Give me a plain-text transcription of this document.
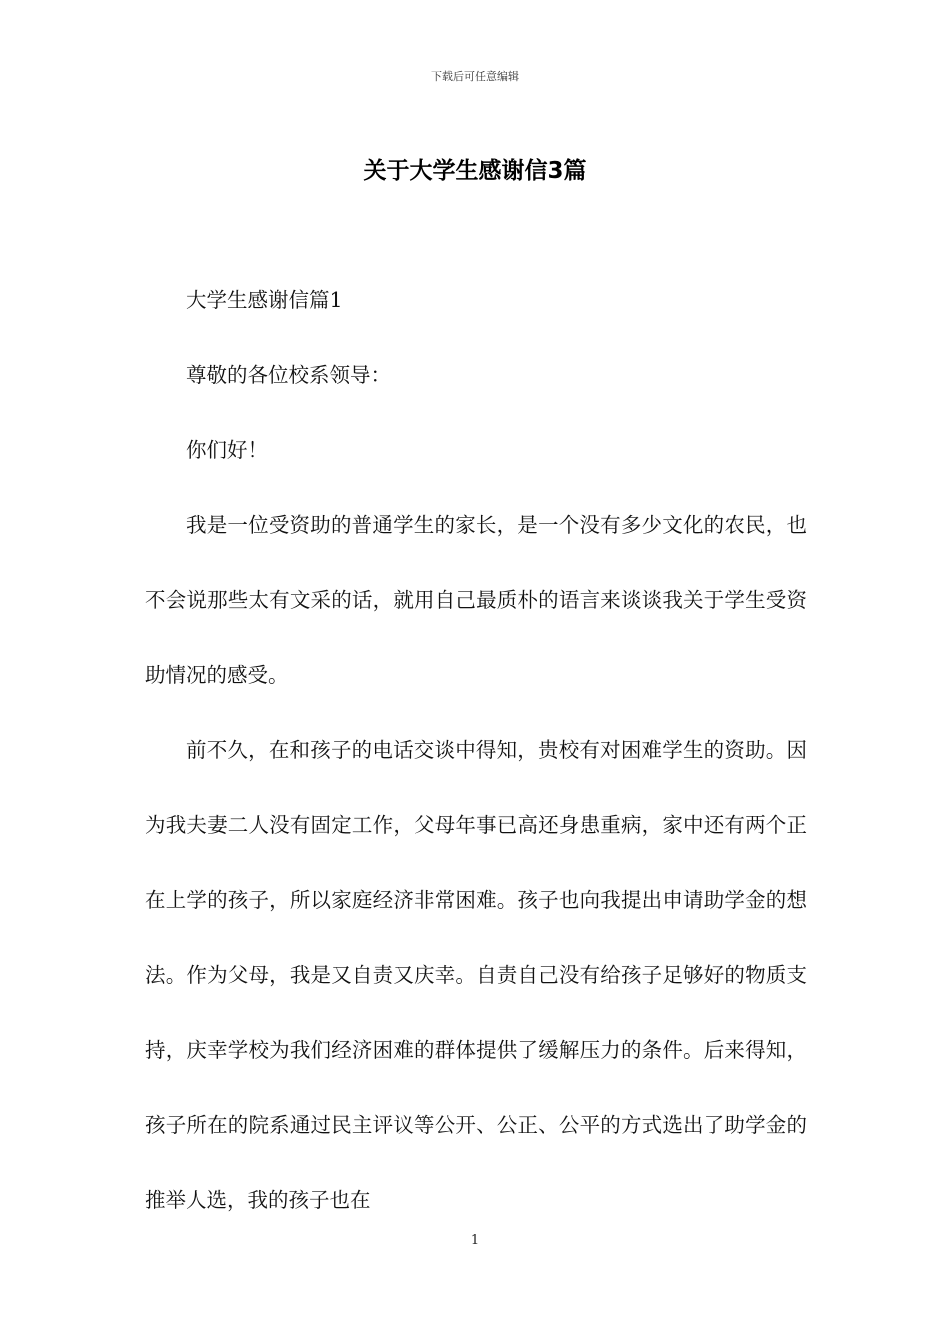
下载后可任意编辑
关于大学生感谢信3篇

大学生感谢信篇1

尊敬的各位校系领导：

你们好！

我是一位受资助的普通学生的家长，是一个没有多少文化的农民，也不会说那些太有文采的话，就用自己最质朴的语言来谈谈我关于学生受资助情况的感受。

前不久，在和孩子的电话交谈中得知，贵校有对困难学生的资助。因为我夫妻二人没有固定工作，父母年事已高还身患重病，家中还有两个正在上学的孩子，所以家庭经济非常困难。孩子也向我提出申请助学金的想法。作为父母，我是又自责又庆幸。自责自己没有给孩子足够好的物质支持，庆幸学校为我们经济困难的群体提供了缓解压力的条件。后来得知，孩子所在的院系通过民主评议等公开、公正、公平的方式选出了助学金的推举人选，我的孩子也在

1
